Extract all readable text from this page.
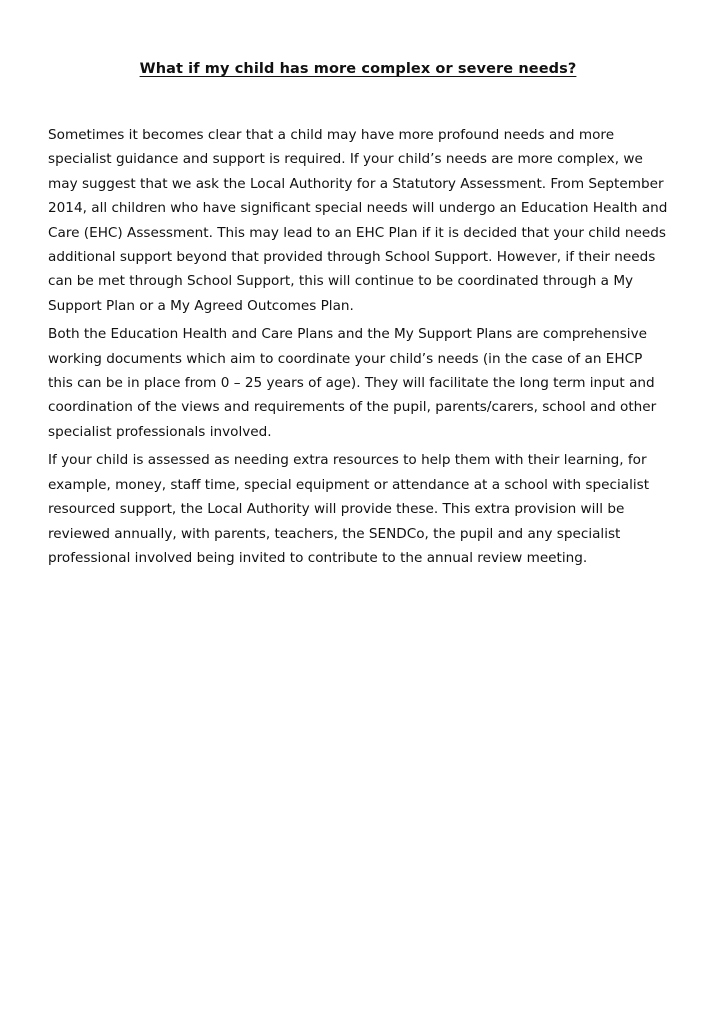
What if my child has more complex or severe needs?

Sometimes it becomes clear that a child may have more profound needs and more specialist guidance and support is required. If your child’s needs are more complex, we may suggest that we ask the Local Authority for a Statutory Assessment. From September 2014, all children who have significant special needs will undergo an Education Health and Care (EHC) Assessment. This may lead to an EHC Plan if it is decided that your child needs additional support beyond that provided through School Support. However, if their needs can be met through School Support, this will continue to be coordinated through a My Support Plan or a My Agreed Outcomes Plan.

Both the Education Health and Care Plans and the My Support Plans are comprehensive working documents which aim to coordinate your child’s needs (in the case of an EHCP this can be in place from 0 – 25 years of age). They will facilitate the long term input and coordination of the views and requirements of the pupil, parents/carers, school and other specialist professionals involved.

If your child is assessed as needing extra resources to help them with their learning, for example, money, staff time, special equipment or attendance at a school with specialist resourced support, the Local Authority will provide these. This extra provision will be reviewed annually, with parents, teachers, the SENDCo, the pupil and any specialist professional involved being invited to contribute to the annual review meeting.
